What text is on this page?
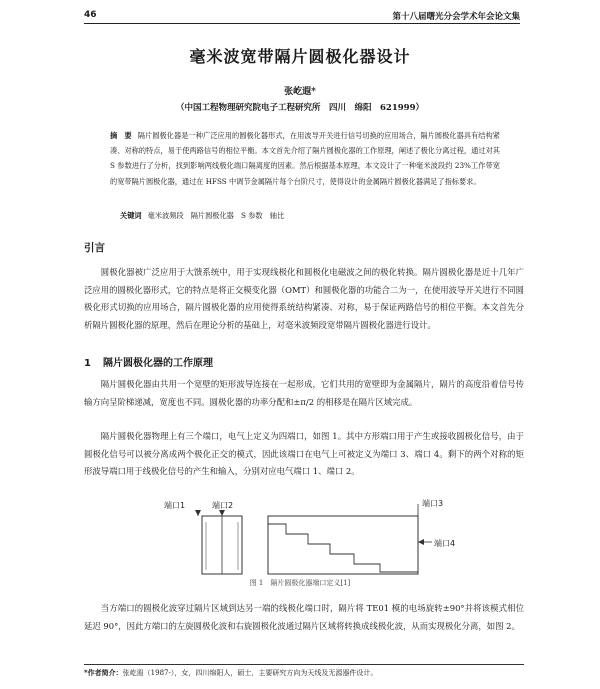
46	第十八届曙光分会学术年会论文集
毫米波宽带隔片圆极化器设计
张屹遐*
（中国工程物理研究院电子工程研究所　四川　绵阳　621999）
摘　要 隔片圆极化器是一种广泛应用的圆极化器形式，在用波导开关进行信号切换的应用场合，隔片圆极化器具有结构紧凑、对称的特点，易于使两路信号的相位平衡。本文首先介绍了隔片圆极化器的工作原理，阐述了极化分离过程，通过对其 S 参数进行了分析，找到影响两线极化端口隔离度的因素。然后根据基本原理，本文设计了一种毫米波段约 23%工作带宽的宽带隔片圆极化器，通过在 HFSS 中调节金属隔片每个台阶尺寸，使得设计的金属隔片圆极化器满足了指标要求。
关键词 毫米波频段　隔片圆极化器　S 参数　轴比
引言
圆极化器被广泛应用于大馈系统中，用于实现线极化和圆极化电磁波之间的极化转换。隔片圆极化器是近十几年广泛应用的圆极化器形式，它的特点是将正交模变化器（OMT）和圆极化器的功能合二为一，在使用波导开关进行不同圆极化形式切换的应用场合，隔片圆极化器的应用使得系统结构紧凑、对称，易于保证两路信号的相位平衡。本文首先分析隔片圆极化器的原理，然后在理论分析的基础上，对毫米波频段宽带隔片圆极化器进行设计。
1 隔片圆极化器的工作原理
隔片圆极化器由共用一个宽壁的矩形波导连接在一起形成，它们共用的宽壁即为金属隔片，隔片的高度沿着信号传输方向呈阶梯递减，宽度也不同。圆极化器的功率分配和±π/2 的相移是在隔片区域完成。
隔片圆极化器物理上有三个端口，电气上定义为四端口，如图 1。其中方形端口用于产生或接收圆极化信号，由于圆极化信号可以被分离成两个极化正交的模式，因此该端口在电气上可被定义为端口 3、端口 4。剩下的两个对称的矩形波导端口用于线极化信号的产生和输入，分别对应电气端口 1、端口 2。
端口1	端口2	端口3
端口4
图 1　隔片圆极化器端口定义[1]
当方端口的圆极化波穿过隔片区域到达另一端的线极化端口时，隔片将 TE01 模的电场旋转±90°并将该模式相位延迟 90°，因此方端口的左旋圆极化波和右旋圆极化波通过隔片区域将转换成线极化波，从而实现极化分离，如图 2。
*作者简介：张屹遐（1987-），女，四川绵阳人，硕士，主要研究方向为天线及无源器件设计。
